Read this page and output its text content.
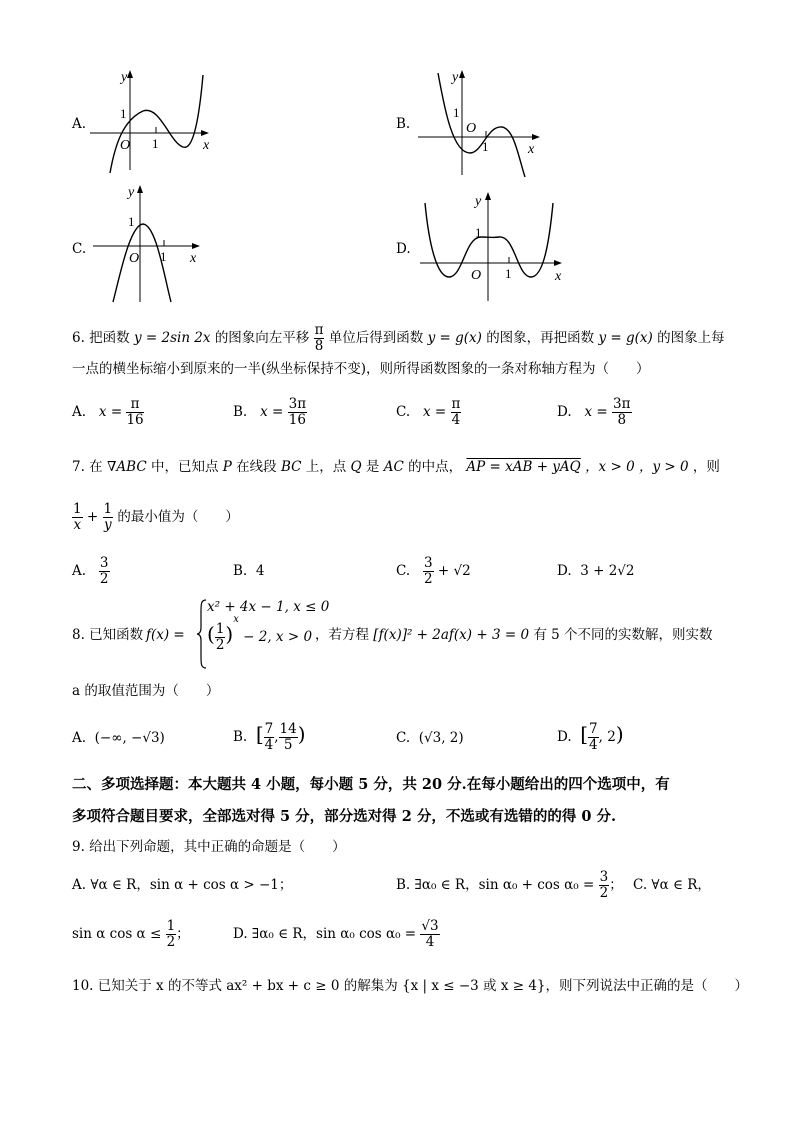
A.
y
x
O 1
1
B.
y
x
O
1
1
C.
y
x
O 1
1
D.
y
x
O 1
1
6. 把函数 y = 2sin 2x 的图象向左平移 $\frac{\pi}{8}$ 单位后得到函数 y = g(x) 的图象，再把函数 y = g(x) 的图象上每
一点的横坐标缩小到原来的一半(纵坐标保持不变)，则所得函数图象的一条对称轴方程为（　　）
A. $x = \frac{\pi}{16}$	B. $x = \frac{3\pi}{16}$	C. $x = \frac{\pi}{4}$	D. $x = \frac{3\pi}{8}$
7. 在 ∇ABC 中，已知点 P 在线段 BC 上，点 Q 是 AC 的中点， AP = xAB + yAQ ，x > 0 ，y > 0 ，则
$\frac{1}{x} + \frac{1}{y}$ 的最小值为（　　）
A. $\frac{3}{2}$	B. 4	C. $\frac{3}{2} + √2$	D. 3 + 2√2
8. 已知函数 f(x) =
x² + 4x − 1, x ≤ 0
( $\frac{1}{2} )^x - 2$, x > 0 ，若方程 [f(x)]² + 2af(x) + 3 = 0 有 5 个不同的实数解，则实数
a 的取值范围为（　　）
A. (−∞, −√3)	B. [ $\frac{7}{4}$ , $\frac{14}{5}$ )	C. (√3, 2)	D. [ $\frac{7}{4}$ , 2)
二、多项选择题：本大题共 4 小题，每小题 5 分，共 20 分.在每小题给出的四个选项中，有
多项符合题目要求，全部选对得 5 分，部分选对得 2 分，不选或有选错的的得 0 分.
9. 给出下列命题，其中正确的命题是（　　）
A. ∀α ∈ R，sin α + cos α > −1；	B. ∃α₀ ∈ R，$\sin \alpha_0 + \cos \alpha_0 = \frac{3}{2}$ ； C. ∀α ∈ R，
sin α $\cos \alpha \le \frac{1}{2}$ ；	D. ∃α₀ ∈ R，sin α₀ $\cos \alpha_0 = \frac{√3}{4}$
10. 已知关于 x 的不等式 ax² + bx + c ≥ 0 的解集为 {x | x ≤ −3 或 x ≥ 4}，则下列说法中正确的是（　　）
